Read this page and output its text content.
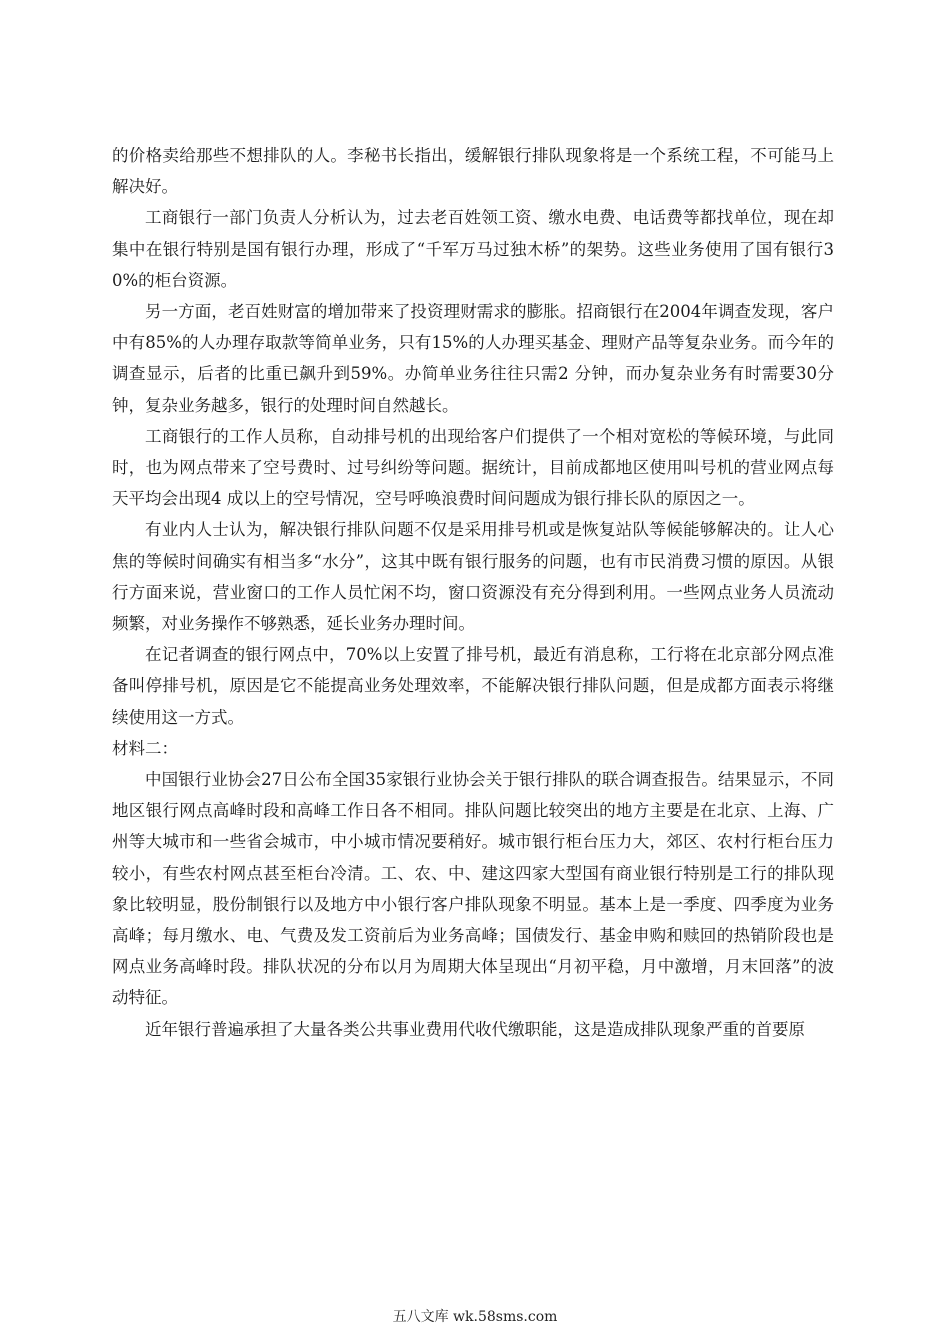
的价格卖给那些不想排队的人。李秘书长指出，缓解银行排队现象将是一个系统工程，不可能马上解决好。

工商银行一部门负责人分析认为，过去老百姓领工资、缴水电费、电话费等都找单位，现在却集中在银行特别是国有银行办理，形成了“千军万马过独木桥”的架势。这些业务使用了国有银行30%的柜台资源。

另一方面，老百姓财富的增加带来了投资理财需求的膨胀。招商银行在2004年调查发现，客户中有85%的人办理存取款等简单业务，只有15%的人办理买基金、理财产品等复杂业务。而今年的调查显示，后者的比重已飙升到59%。办简单业务往往只需2 分钟，而办复杂业务有时需要30分钟，复杂业务越多，银行的处理时间自然越长。

工商银行的工作人员称，自动排号机的出现给客户们提供了一个相对宽松的等候环境，与此同时，也为网点带来了空号费时、过号纠纷等问题。据统计，目前成都地区使用叫号机的营业网点每天平均会出现4 成以上的空号情况，空号呼唤浪费时间问题成为银行排长队的原因之一。

有业内人士认为，解决银行排队问题不仅是采用排号机或是恢复站队等候能够解决的。让人心焦的等候时间确实有相当多“水分”，这其中既有银行服务的问题，也有市民消费习惯的原因。从银行方面来说，营业窗口的工作人员忙闲不均，窗口资源没有充分得到利用。一些网点业务人员流动频繁，对业务操作不够熟悉，延长业务办理时间。

在记者调查的银行网点中，70%以上安置了排号机，最近有消息称，工行将在北京部分网点准备叫停排号机，原因是它不能提高业务处理效率，不能解决银行排队问题，但是成都方面表示将继续使用这一方式。

材料二：

中国银行业协会27日公布全国35家银行业协会关于银行排队的联合调查报告。结果显示，不同地区银行网点高峰时段和高峰工作日各不相同。排队问题比较突出的地方主要是在北京、上海、广州等大城市和一些省会城市，中小城市情况要稍好。城市银行柜台压力大，郊区、农村行柜台压力较小，有些农村网点甚至柜台冷清。工、农、中、建这四家大型国有商业银行特别是工行的排队现象比较明显，股份制银行以及地方中小银行客户排队现象不明显。基本上是一季度、四季度为业务高峰；每月缴水、电、气费及发工资前后为业务高峰；国债发行、基金申购和赎回的热销阶段也是网点业务高峰时段。排队状况的分布以月为周期大体呈现出“月初平稳，月中激增，月末回落”的波动特征。

近年银行普遍承担了大量各类公共事业费用代收代缴职能，这是造成排队现象严重的首要原

五八文库 wk.58sms.com
